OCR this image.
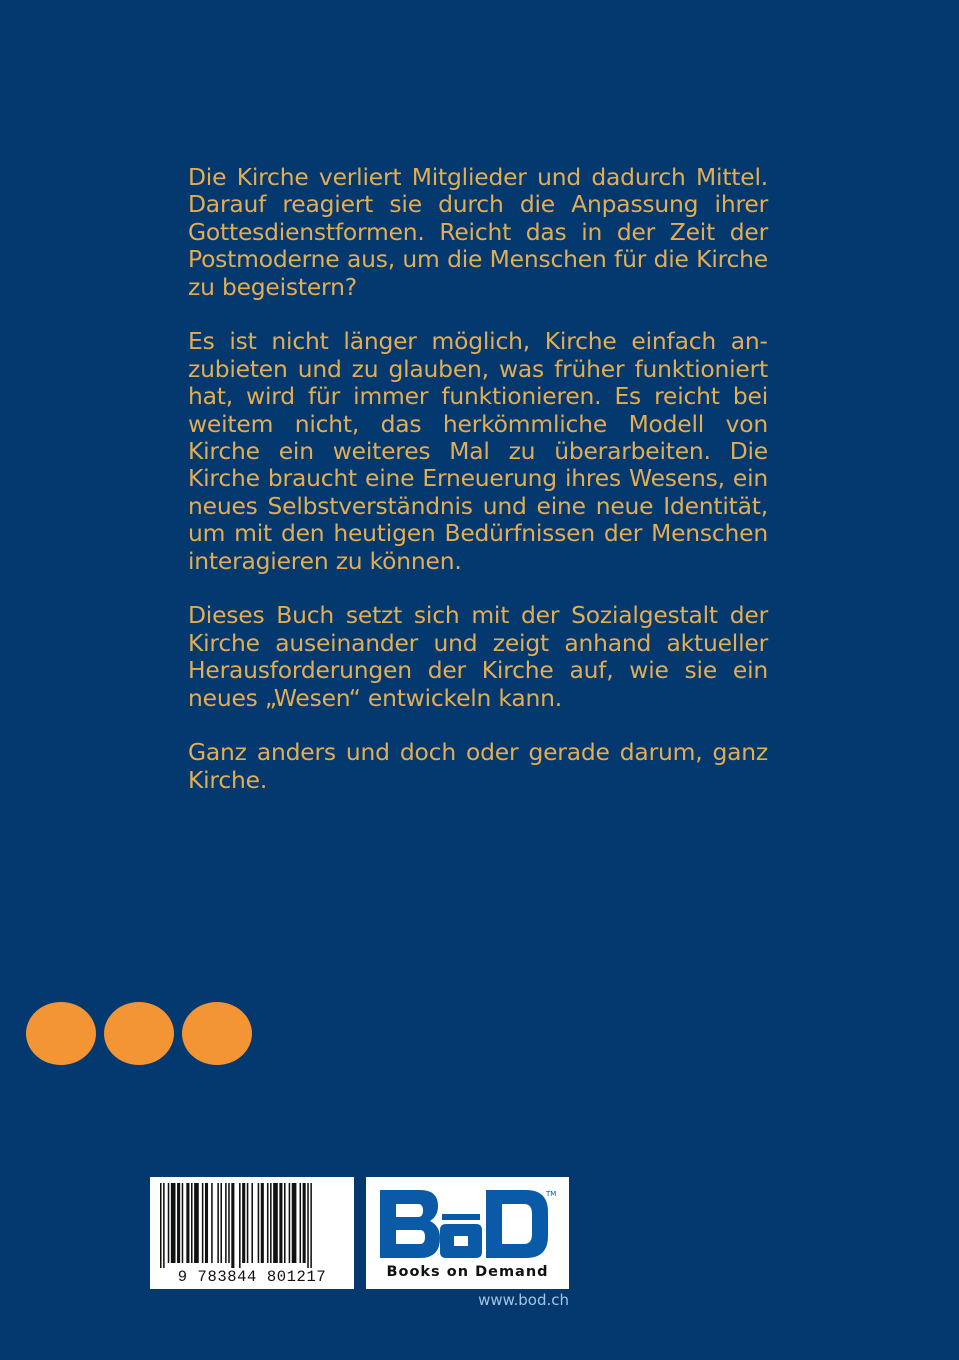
Die Kirche verliert Mitglieder und dadurch Mittel. Darauf reagiert sie durch die Anpassung ihrer Gottesdienstformen. Reicht das in der Zeit der Postmoderne aus, um die Menschen für die Kirche zu begeistern?

Es ist nicht länger möglich, Kirche einfach anzubieten und zu glauben, was früher funktioniert hat, wird für immer funktionieren. Es reicht bei weitem nicht, das herkömmliche Modell von Kirche ein weiteres Mal zu überarbeiten. Die Kirche braucht eine Erneuerung ihres Wesens, ein neues Selbstverständnis und eine neue Identität, um mit den heutigen Bedürfnissen der Menschen interagieren zu können.

Dieses Buch setzt sich mit der Sozialgestalt der Kirche auseinander und zeigt anhand aktueller Herausforderungen der Kirche auf, wie sie ein neues „Wesen“ entwickeln kann.

Ganz anders und doch oder gerade darum, ganz Kirche.

9 783844 801217
TM
Books on Demand
www.bod.ch
